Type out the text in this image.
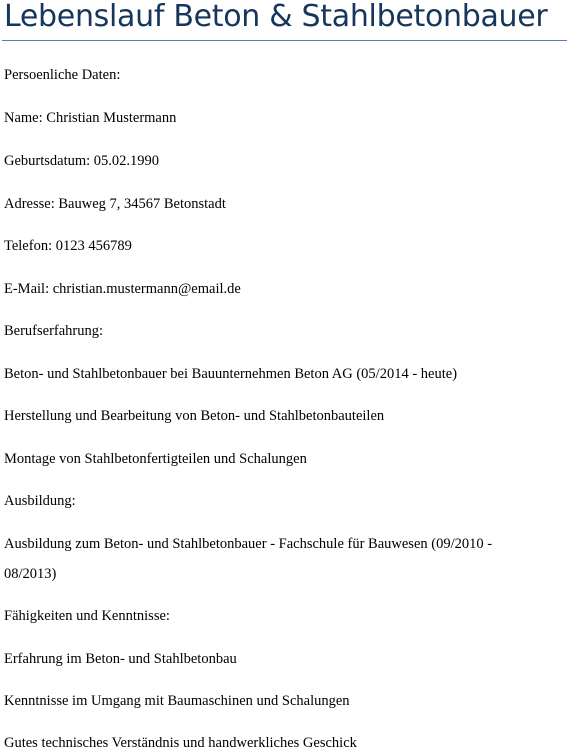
Lebenslauf Beton & Stahlbetonbauer

Persoenliche Daten:

Name: Christian Mustermann

Geburtsdatum: 05.02.1990

Adresse: Bauweg 7, 34567 Betonstadt

Telefon: 0123 456789

E-Mail: christian.mustermann@email.de

Berufserfahrung:

Beton- und Stahlbetonbauer bei Bauunternehmen Beton AG (05/2014 - heute)

Herstellung und Bearbeitung von Beton- und Stahlbetonbauteilen

Montage von Stahlbetonfertigteilen und Schalungen

Ausbildung:

Ausbildung zum Beton- und Stahlbetonbauer - Fachschule für Bauwesen (09/2010 -

08/2013)

Fähigkeiten und Kenntnisse:

Erfahrung im Beton- und Stahlbetonbau

Kenntnisse im Umgang mit Baumaschinen und Schalungen

Gutes technisches Verständnis und handwerkliches Geschick
